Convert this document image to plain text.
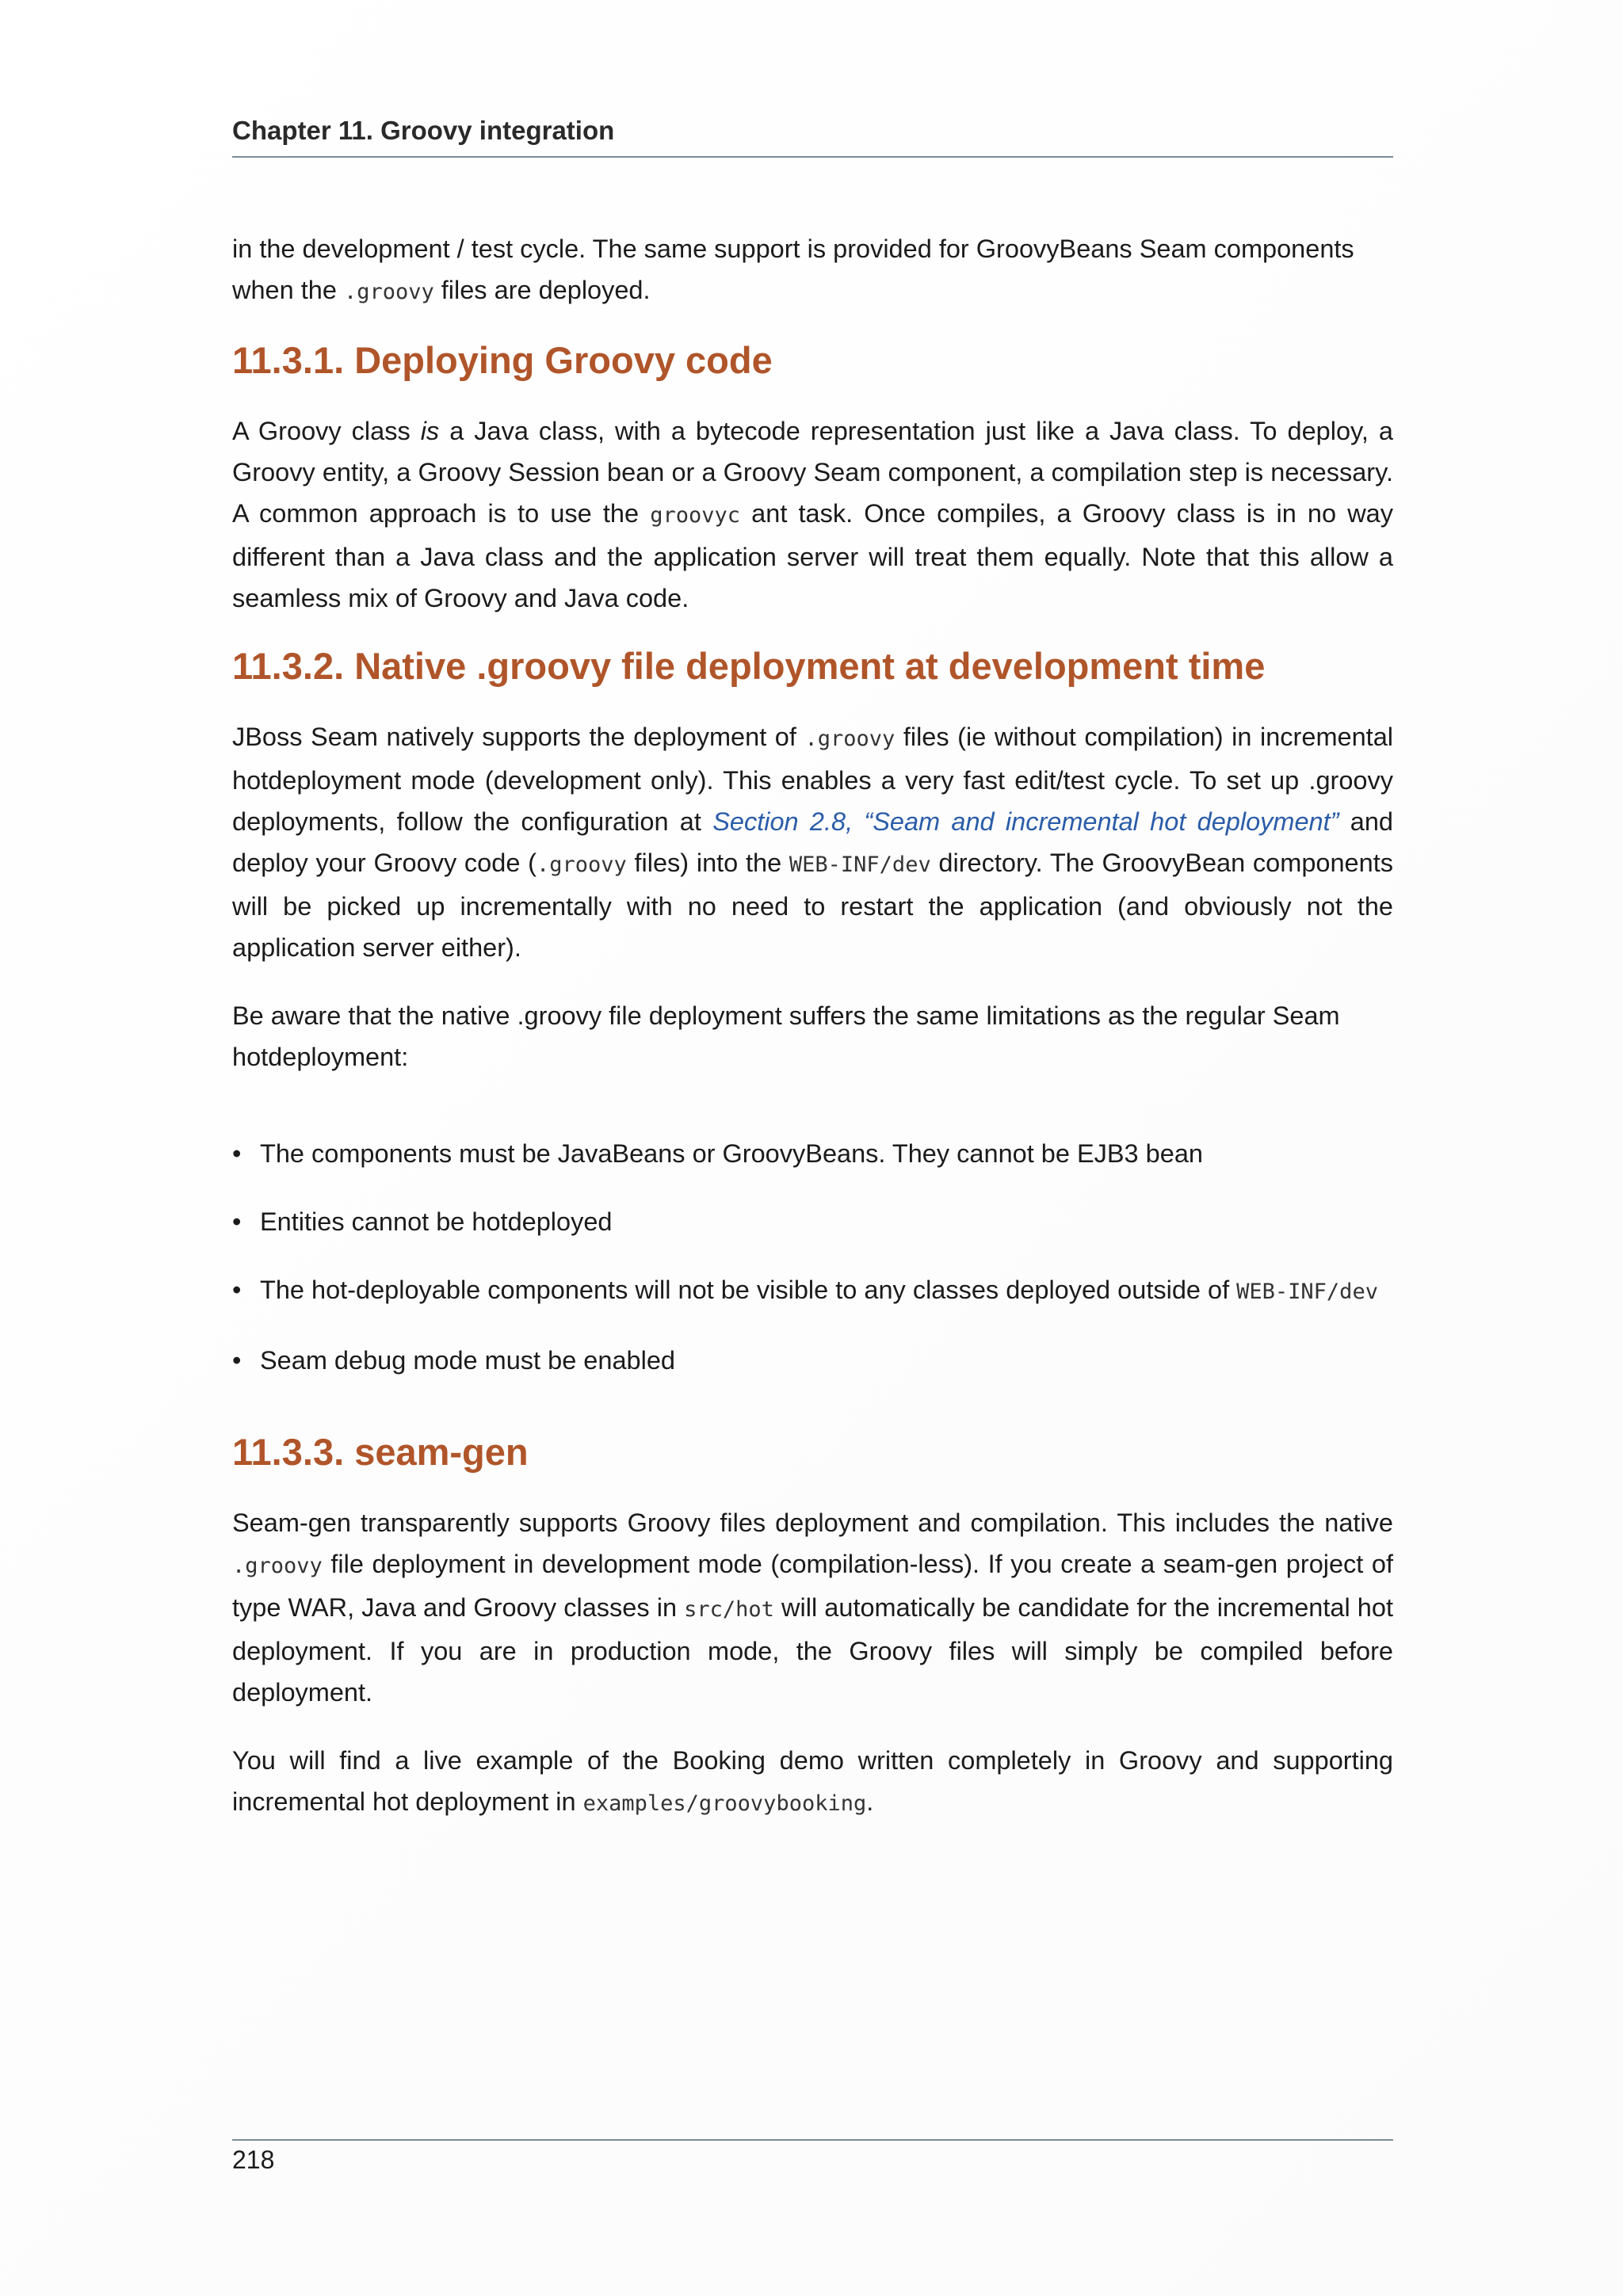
Chapter 11. Groovy integration

in the development / test cycle. The same support is provided for GroovyBeans Seam components
when the .groovy files are deployed.

11.3.1. Deploying Groovy code

A Groovy class is a Java class, with a bytecode representation just like a Java class. To deploy, a Groovy entity, a Groovy Session bean or a Groovy Seam component, a compilation step is necessary. A common approach is to use the groovyc ant task. Once compiles, a Groovy class is in no way different than a Java class and the application server will treat them equally. Note that this allow a seamless mix of Groovy and Java code.

11.3.2. Native .groovy file deployment at development time

JBoss Seam natively supports the deployment of .groovy files (ie without compilation) in incremental hotdeployment mode (development only). This enables a very fast edit/test cycle. To set up .groovy deployments, follow the configuration at Section 2.8, “Seam and incremental hot deployment” and deploy your Groovy code (.groovy files) into the WEB-INF/dev directory. The GroovyBean components will be picked up incrementally with no need to restart the application (and obviously not the application server either).

Be aware that the native .groovy file deployment suffers the same limitations as the regular Seam hotdeployment:

• The components must be JavaBeans or GroovyBeans. They cannot be EJB3 bean
• Entities cannot be hotdeployed
• The hot-deployable components will not be visible to any classes deployed outside of WEB-INF/dev
• Seam debug mode must be enabled
11.3.3. seam-gen

Seam-gen transparently supports Groovy files deployment and compilation. This includes the native .groovy file deployment in development mode (compilation-less). If you create a seam-gen project of type WAR, Java and Groovy classes in src/hot will automatically be candidate for the incremental hot deployment. If you are in production mode, the Groovy files will simply be compiled before deployment.

You will find a live example of the Booking demo written completely in Groovy and supporting incremental hot deployment in examples/groovybooking.

218
